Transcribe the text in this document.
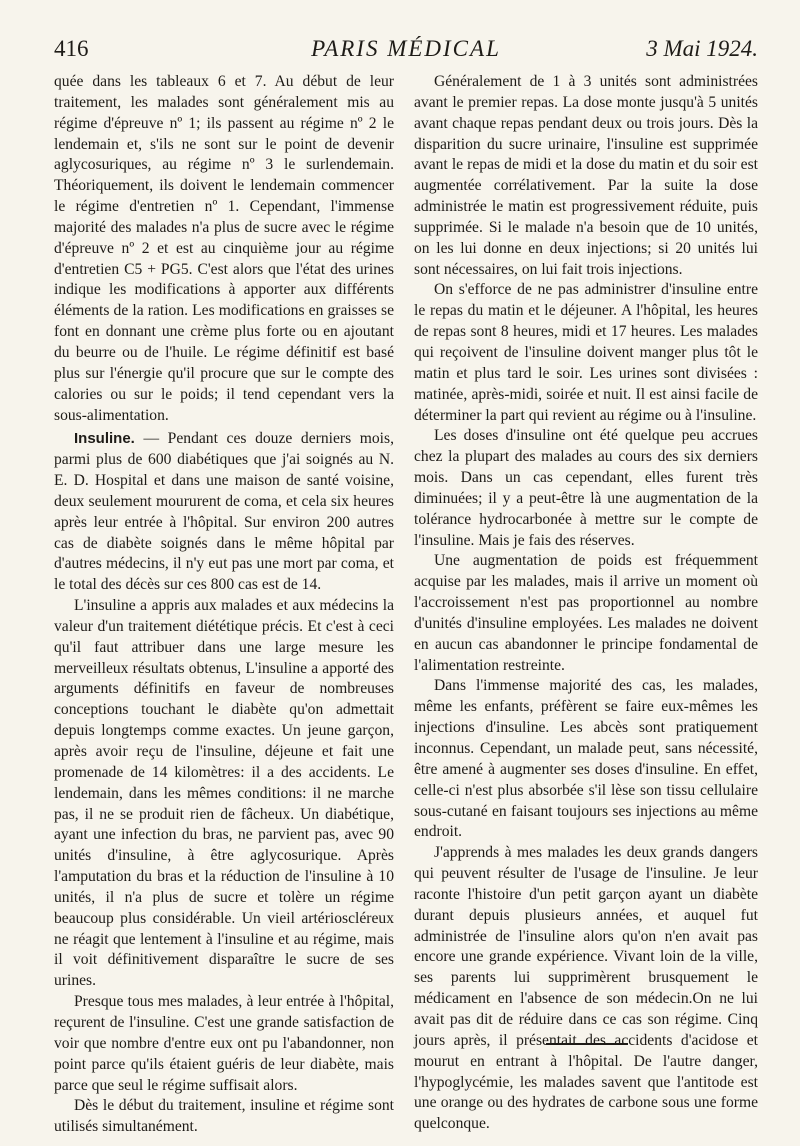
416	PARIS MÉDICAL	3 Mai 1924.

quée dans les tableaux 6 et 7. Au début de leur traitement, les malades sont généralement mis au régime d'épreuve nº 1; ils passent au régime nº 2 le lendemain et, s'ils ne sont sur le point de devenir aglycosuriques, au régime nº 3 le surlendemain. Théoriquement, ils doivent le lendemain commencer le régime d'entretien nº 1. Cependant, l'immense majorité des malades n'a plus de sucre avec le régime d'épreuve nº 2 et est au cinquième jour au régime d'entretien C5 + PG5. C'est alors que l'état des urines indique les modifications à apporter aux différents éléments de la ration. Les modifications en graisses se font en donnant une crème plus forte ou en ajoutant du beurre ou de l'huile. Le régime définitif est basé plus sur l'énergie qu'il procure que sur le compte des calories ou sur le poids; il tend cependant vers la sous-alimentation.

Insuline. — Pendant ces douze derniers mois, parmi plus de 600 diabétiques que j'ai soignés au N. E. D. Hospital et dans une maison de santé voisine, deux seulement moururent de coma, et cela six heures après leur entrée à l'hôpital. Sur environ 200 autres cas de diabète soignés dans le même hôpital par d'autres médecins, il n'y eut pas une mort par coma, et le total des décès sur ces 800 cas est de 14.

L'insuline a appris aux malades et aux médecins la valeur d'un traitement diététique précis. Et c'est à ceci qu'il faut attribuer dans une large mesure les merveilleux résultats obtenus, L'insuline a apporté des arguments définitifs en faveur de nombreuses conceptions touchant le diabète qu'on admettait depuis longtemps comme exactes. Un jeune garçon, après avoir reçu de l'insuline, déjeune et fait une promenade de 14 kilomètres: il a des accidents. Le lendemain, dans les mêmes conditions: il ne marche pas, il ne se produit rien de fâcheux. Un diabétique, ayant une infection du bras, ne parvient pas, avec 90 unités d'insuline, à être aglycosurique. Après l'amputation du bras et la réduction de l'insuline à 10 unités, il n'a plus de sucre et tolère un régime beaucoup plus considérable. Un vieil artérioscléreux ne réagit que lentement à l'insuline et au régime, mais il voit définitivement disparaître le sucre de ses urines.

Presque tous mes malades, à leur entrée à l'hôpital, reçurent de l'insuline. C'est une grande satisfaction de voir que nombre d'entre eux ont pu l'abandonner, non point parce qu'ils étaient guéris de leur diabète, mais parce que seul le régime suffisait alors.

Dès le début du traitement, insuline et régime sont utilisés simultanément.

Généralement de 1 à 3 unités sont administrées avant le premier repas. La dose monte jusqu'à 5 unités avant chaque repas pendant deux ou trois jours. Dès la disparition du sucre urinaire, l'insuline est supprimée avant le repas de midi et la dose du matin et du soir est augmentée corrélativement. Par la suite la dose administrée le matin est progressivement réduite, puis supprimée. Si le malade n'a besoin que de 10 unités, on les lui donne en deux injections; si 20 unités lui sont nécessaires, on lui fait trois injections.

On s'efforce de ne pas administrer d'insuline entre le repas du matin et le déjeuner. A l'hôpital, les heures de repas sont 8 heures, midi et 17 heures. Les malades qui reçoivent de l'insuline doivent manger plus tôt le matin et plus tard le soir. Les urines sont divisées : matinée, après-midi, soirée et nuit. Il est ainsi facile de déterminer la part qui revient au régime ou à l'insuline.

Les doses d'insuline ont été quelque peu accrues chez la plupart des malades au cours des six derniers mois. Dans un cas cependant, elles furent très diminuées; il y a peut-être là une augmentation de la tolérance hydrocarbonée à mettre sur le compte de l'insuline. Mais je fais des réserves.

Une augmentation de poids est fréquemment acquise par les malades, mais il arrive un moment où l'accroissement n'est pas proportionnel au nombre d'unités d'insuline employées. Les malades ne doivent en aucun cas abandonner le principe fondamental de l'alimentation restreinte.

Dans l'immense majorité des cas, les malades, même les enfants, préfèrent se faire eux-mêmes les injections d'insuline. Les abcès sont pratiquement inconnus. Cependant, un malade peut, sans nécessité, être amené à augmenter ses doses d'insuline. En effet, celle-ci n'est plus absorbée s'il lèse son tissu cellulaire sous-cutané en faisant toujours ses injections au même endroit.

J'apprends à mes malades les deux grands dangers qui peuvent résulter de l'usage de l'insuline. Je leur raconte l'histoire d'un petit garçon ayant un diabète durant depuis plusieurs années, et auquel fut administrée de l'insuline alors qu'on n'en avait pas encore une grande expérience. Vivant loin de la ville, ses parents lui supprimèrent brusquement le médicament en l'absence de son médecin.On ne lui avait pas dit de réduire dans ce cas son régime. Cinq jours après, il présentait des accidents d'acidose et mourut en entrant à l'hôpital. De l'autre danger, l'hypoglycémie, les malades savent que l'antitode est une orange ou des hydrates de carbone sous une forme quelconque.
